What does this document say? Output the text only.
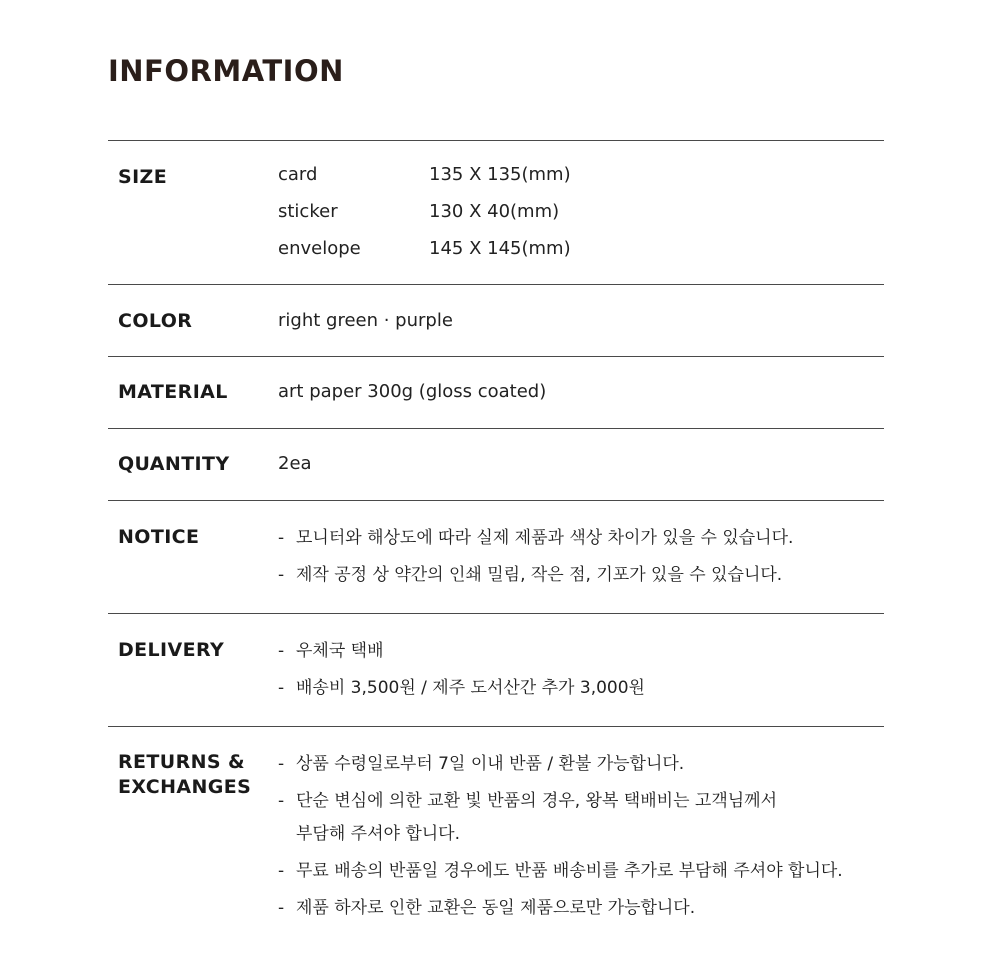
INFORMATION
SIZE	card	135 X 135(mm)
sticker	130 X 40(mm)
envelope	145 X 145(mm)
COLOR	right green · purple
MATERIAL	art paper 300g (gloss coated)
QUANTITY	2ea
NOTICE	- 모니터와 해상도에 따라 실제 제품과 색상 차이가 있을 수 있습니다.
- 제작 공정 상 약간의 인쇄 밀림, 작은 점, 기포가 있을 수 있습니다.
DELIVERY	- 우체국 택배
- 배송비 3,500원 / 제주 도서산간 추가 3,000원
RETURNS &
EXCHANGES
- 상품 수령일로부터 7일 이내 반품 / 환불 가능합니다.
- 단순 변심에 의한 교환 빛 반품의 경우, 왕복 택배비는 고객님께서
부담해 주셔야 합니다.
- 무료 배송의 반품일 경우에도 반품 배송비를 추가로 부담해 주셔야 합니다.
- 제품 하자로 인한 교환은 동일 제품으로만 가능합니다.
